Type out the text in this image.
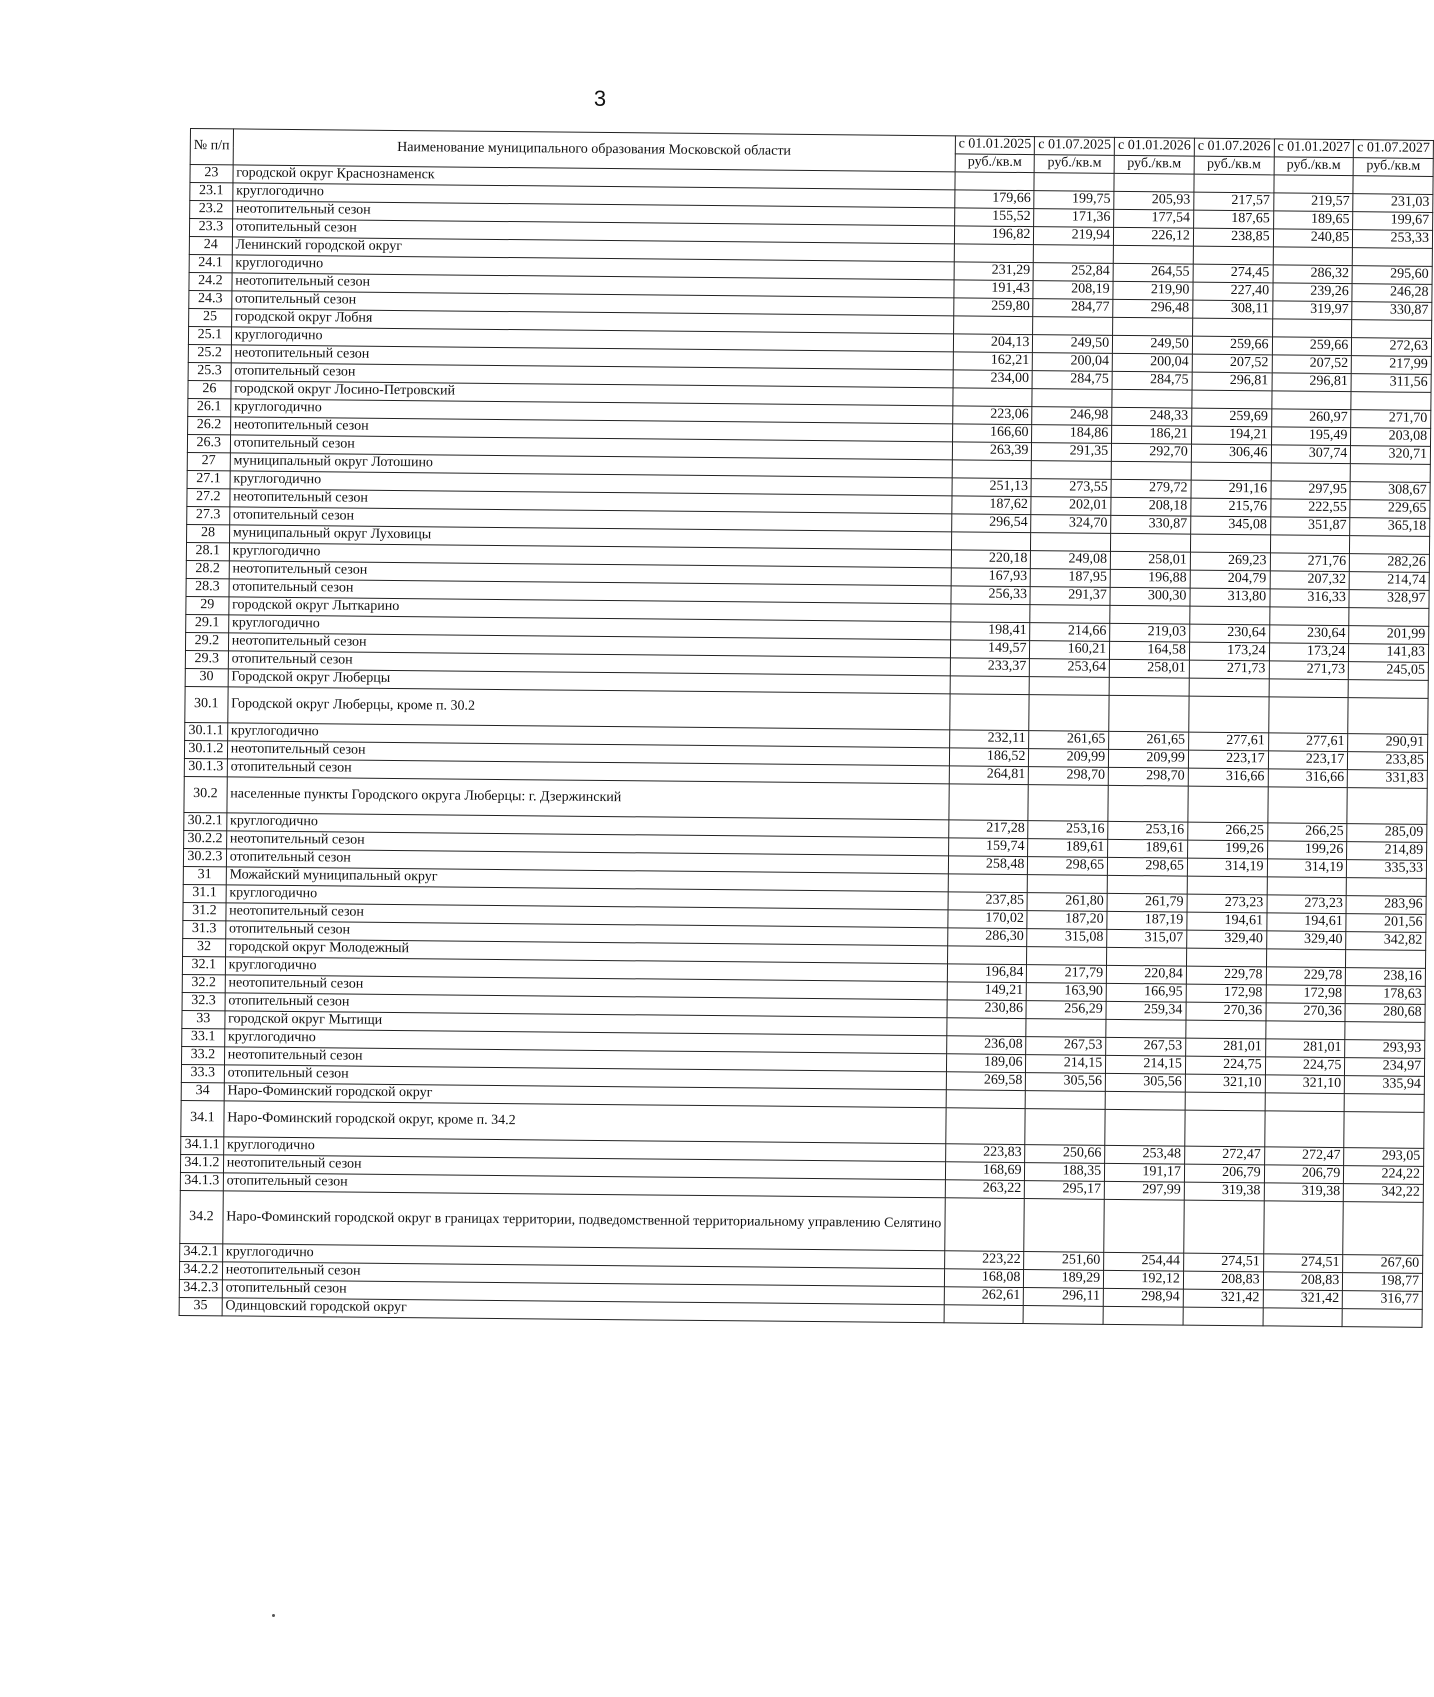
3
№ п/п	Наименование муниципального образования Московской области	с 01.01.2025	с 01.07.2025	с 01.01.2026	с 01.07.2026	с 01.01.2027	с 01.07.2027
		руб./кв.м	руб./кв.м	руб./кв.м	руб./кв.м	руб./кв.м	руб./кв.м
23	городской округ Краснознаменск						
23.1	круглогодично	179,66	199,75	205,93	217,57	219,57	231,03
23.2	неотопительный сезон	155,52	171,36	177,54	187,65	189,65	199,67
23.3	отопительный сезон	196,82	219,94	226,12	238,85	240,85	253,33
24	Ленинский городской округ						
24.1	круглогодично	231,29	252,84	264,55	274,45	286,32	295,60
24.2	неотопительный сезон	191,43	208,19	219,90	227,40	239,26	246,28
24.3	отопительный сезон	259,80	284,77	296,48	308,11	319,97	330,87
25	городской округ Лобня						
25.1	круглогодично	204,13	249,50	249,50	259,66	259,66	272,63
25.2	неотопительный сезон	162,21	200,04	200,04	207,52	207,52	217,99
25.3	отопительный сезон	234,00	284,75	284,75	296,81	296,81	311,56
26	городской округ Лосино-Петровский						
26.1	круглогодично	223,06	246,98	248,33	259,69	260,97	271,70
26.2	неотопительный сезон	166,60	184,86	186,21	194,21	195,49	203,08
26.3	отопительный сезон	263,39	291,35	292,70	306,46	307,74	320,71
27	муниципальный округ Лотошино						
27.1	круглогодично	251,13	273,55	279,72	291,16	297,95	308,67
27.2	неотопительный сезон	187,62	202,01	208,18	215,76	222,55	229,65
27.3	отопительный сезон	296,54	324,70	330,87	345,08	351,87	365,18
28	муниципальный округ Луховицы						
28.1	круглогодично	220,18	249,08	258,01	269,23	271,76	282,26
28.2	неотопительный сезон	167,93	187,95	196,88	204,79	207,32	214,74
28.3	отопительный сезон	256,33	291,37	300,30	313,80	316,33	328,97
29	городской округ Лыткарино						
29.1	круглогодично	198,41	214,66	219,03	230,64	230,64	201,99
29.2	неотопительный сезон	149,57	160,21	164,58	173,24	173,24	141,83
29.3	отопительный сезон	233,37	253,64	258,01	271,73	271,73	245,05
30	Городской округ Люберцы						
30.1	Городской округ Люберцы, кроме п. 30.2						
30.1.1	круглогодично	232,11	261,65	261,65	277,61	277,61	290,91
30.1.2	неотопительный сезон	186,52	209,99	209,99	223,17	223,17	233,85
30.1.3	отопительный сезон	264,81	298,70	298,70	316,66	316,66	331,83
30.2	населенные пункты Городского округа Люберцы: г. Дзержинский						
30.2.1	круглогодично	217,28	253,16	253,16	266,25	266,25	285,09
30.2.2	неотопительный сезон	159,74	189,61	189,61	199,26	199,26	214,89
30.2.3	отопительный сезон	258,48	298,65	298,65	314,19	314,19	335,33
31	Можайский муниципальный округ						
31.1	круглогодично	237,85	261,80	261,79	273,23	273,23	283,96
31.2	неотопительный сезон	170,02	187,20	187,19	194,61	194,61	201,56
31.3	отопительный сезон	286,30	315,08	315,07	329,40	329,40	342,82
32	городской округ Молодежный						
32.1	круглогодично	196,84	217,79	220,84	229,78	229,78	238,16
32.2	неотопительный сезон	149,21	163,90	166,95	172,98	172,98	178,63
32.3	отопительный сезон	230,86	256,29	259,34	270,36	270,36	280,68
33	городской округ Мытищи						
33.1	круглогодично	236,08	267,53	267,53	281,01	281,01	293,93
33.2	неотопительный сезон	189,06	214,15	214,15	224,75	224,75	234,97
33.3	отопительный сезон	269,58	305,56	305,56	321,10	321,10	335,94
34	Наро-Фоминский городской округ						
34.1	Наро-Фоминский городской округ, кроме п. 34.2						
34.1.1	круглогодично	223,83	250,66	253,48	272,47	272,47	293,05
34.1.2	неотопительный сезон	168,69	188,35	191,17	206,79	206,79	224,22
34.1.3	отопительный сезон	263,22	295,17	297,99	319,38	319,38	342,22
34.2	Наро-Фоминский городской округ в границах территории, подведомственной территориальному управлению Селятино						
34.2.1	круглогодично	223,22	251,60	254,44	274,51	274,51	267,60
34.2.2	неотопительный сезон	168,08	189,29	192,12	208,83	208,83	198,77
34.2.3	отопительный сезон	262,61	296,11	298,94	321,42	321,42	316,77
35	Одинцовский городской округ						
